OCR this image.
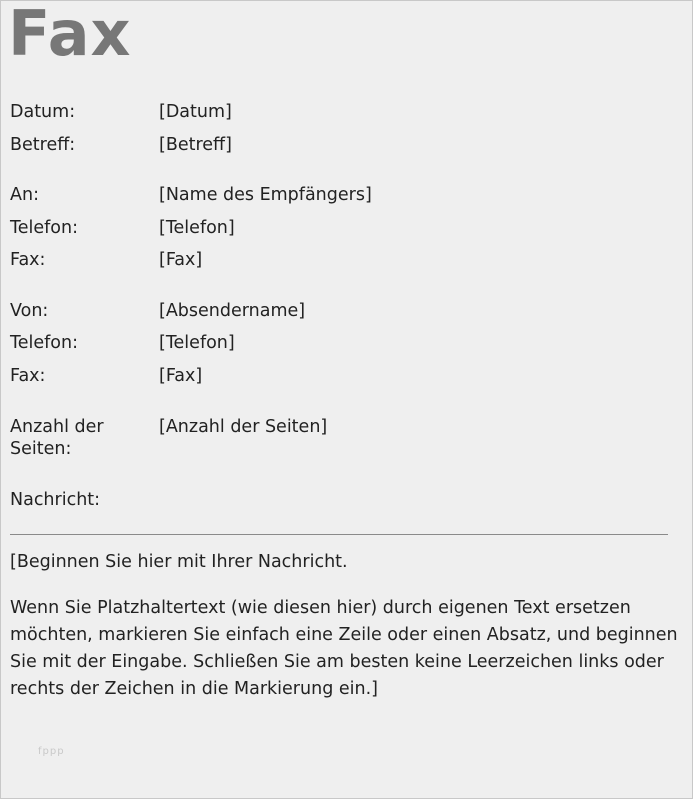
Fax
Datum:	[Datum]
Betreff:	[Betreff]
An:	[Name des Empfängers]
Telefon:	[Telefon]
Fax:	[Fax]
Von:	[Absendername]
Telefon:	[Telefon]
Fax:	[Fax]
Anzahl der
Seiten:
[Anzahl der Seiten]
Nachricht:

[Beginnen Sie hier mit Ihrer Nachricht.

Wenn Sie Platzhaltertext (wie diesen hier) durch eigenen Text ersetzen möchten, markieren Sie einfach eine Zeile oder einen Absatz, und beginnen Sie mit der Eingabe. Schließen Sie am besten keine Leerzeichen links oder rechts der Zeichen in die Markierung ein.]

fppp
